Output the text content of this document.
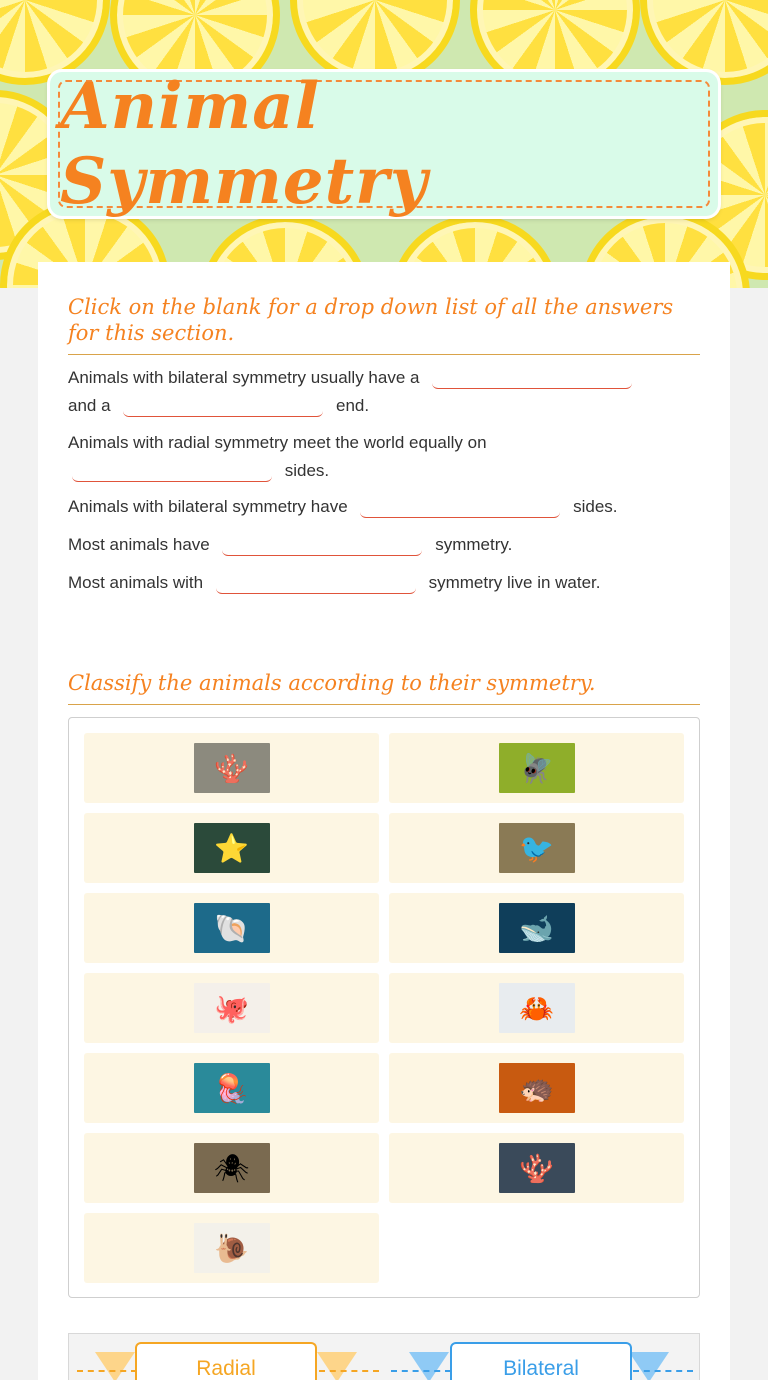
Animal Symmetry
Click on the blank for a drop down list of all the answers for this section.
Animals with bilateral symmetry usually have a
and a	end.
Animals with radial symmetry meet the world equally on
sides.
Animals with bilateral symmetry have	sides.
Most animals have	symmetry.
Most animals with	symmetry live in water.
Classify the animals according to their symmetry.
🪸	🪰
⭐	🐦
🐚	🐋
🐙	🦀
🪼	🦔
🕷	🪸
🐌
Radial	Bilateral
